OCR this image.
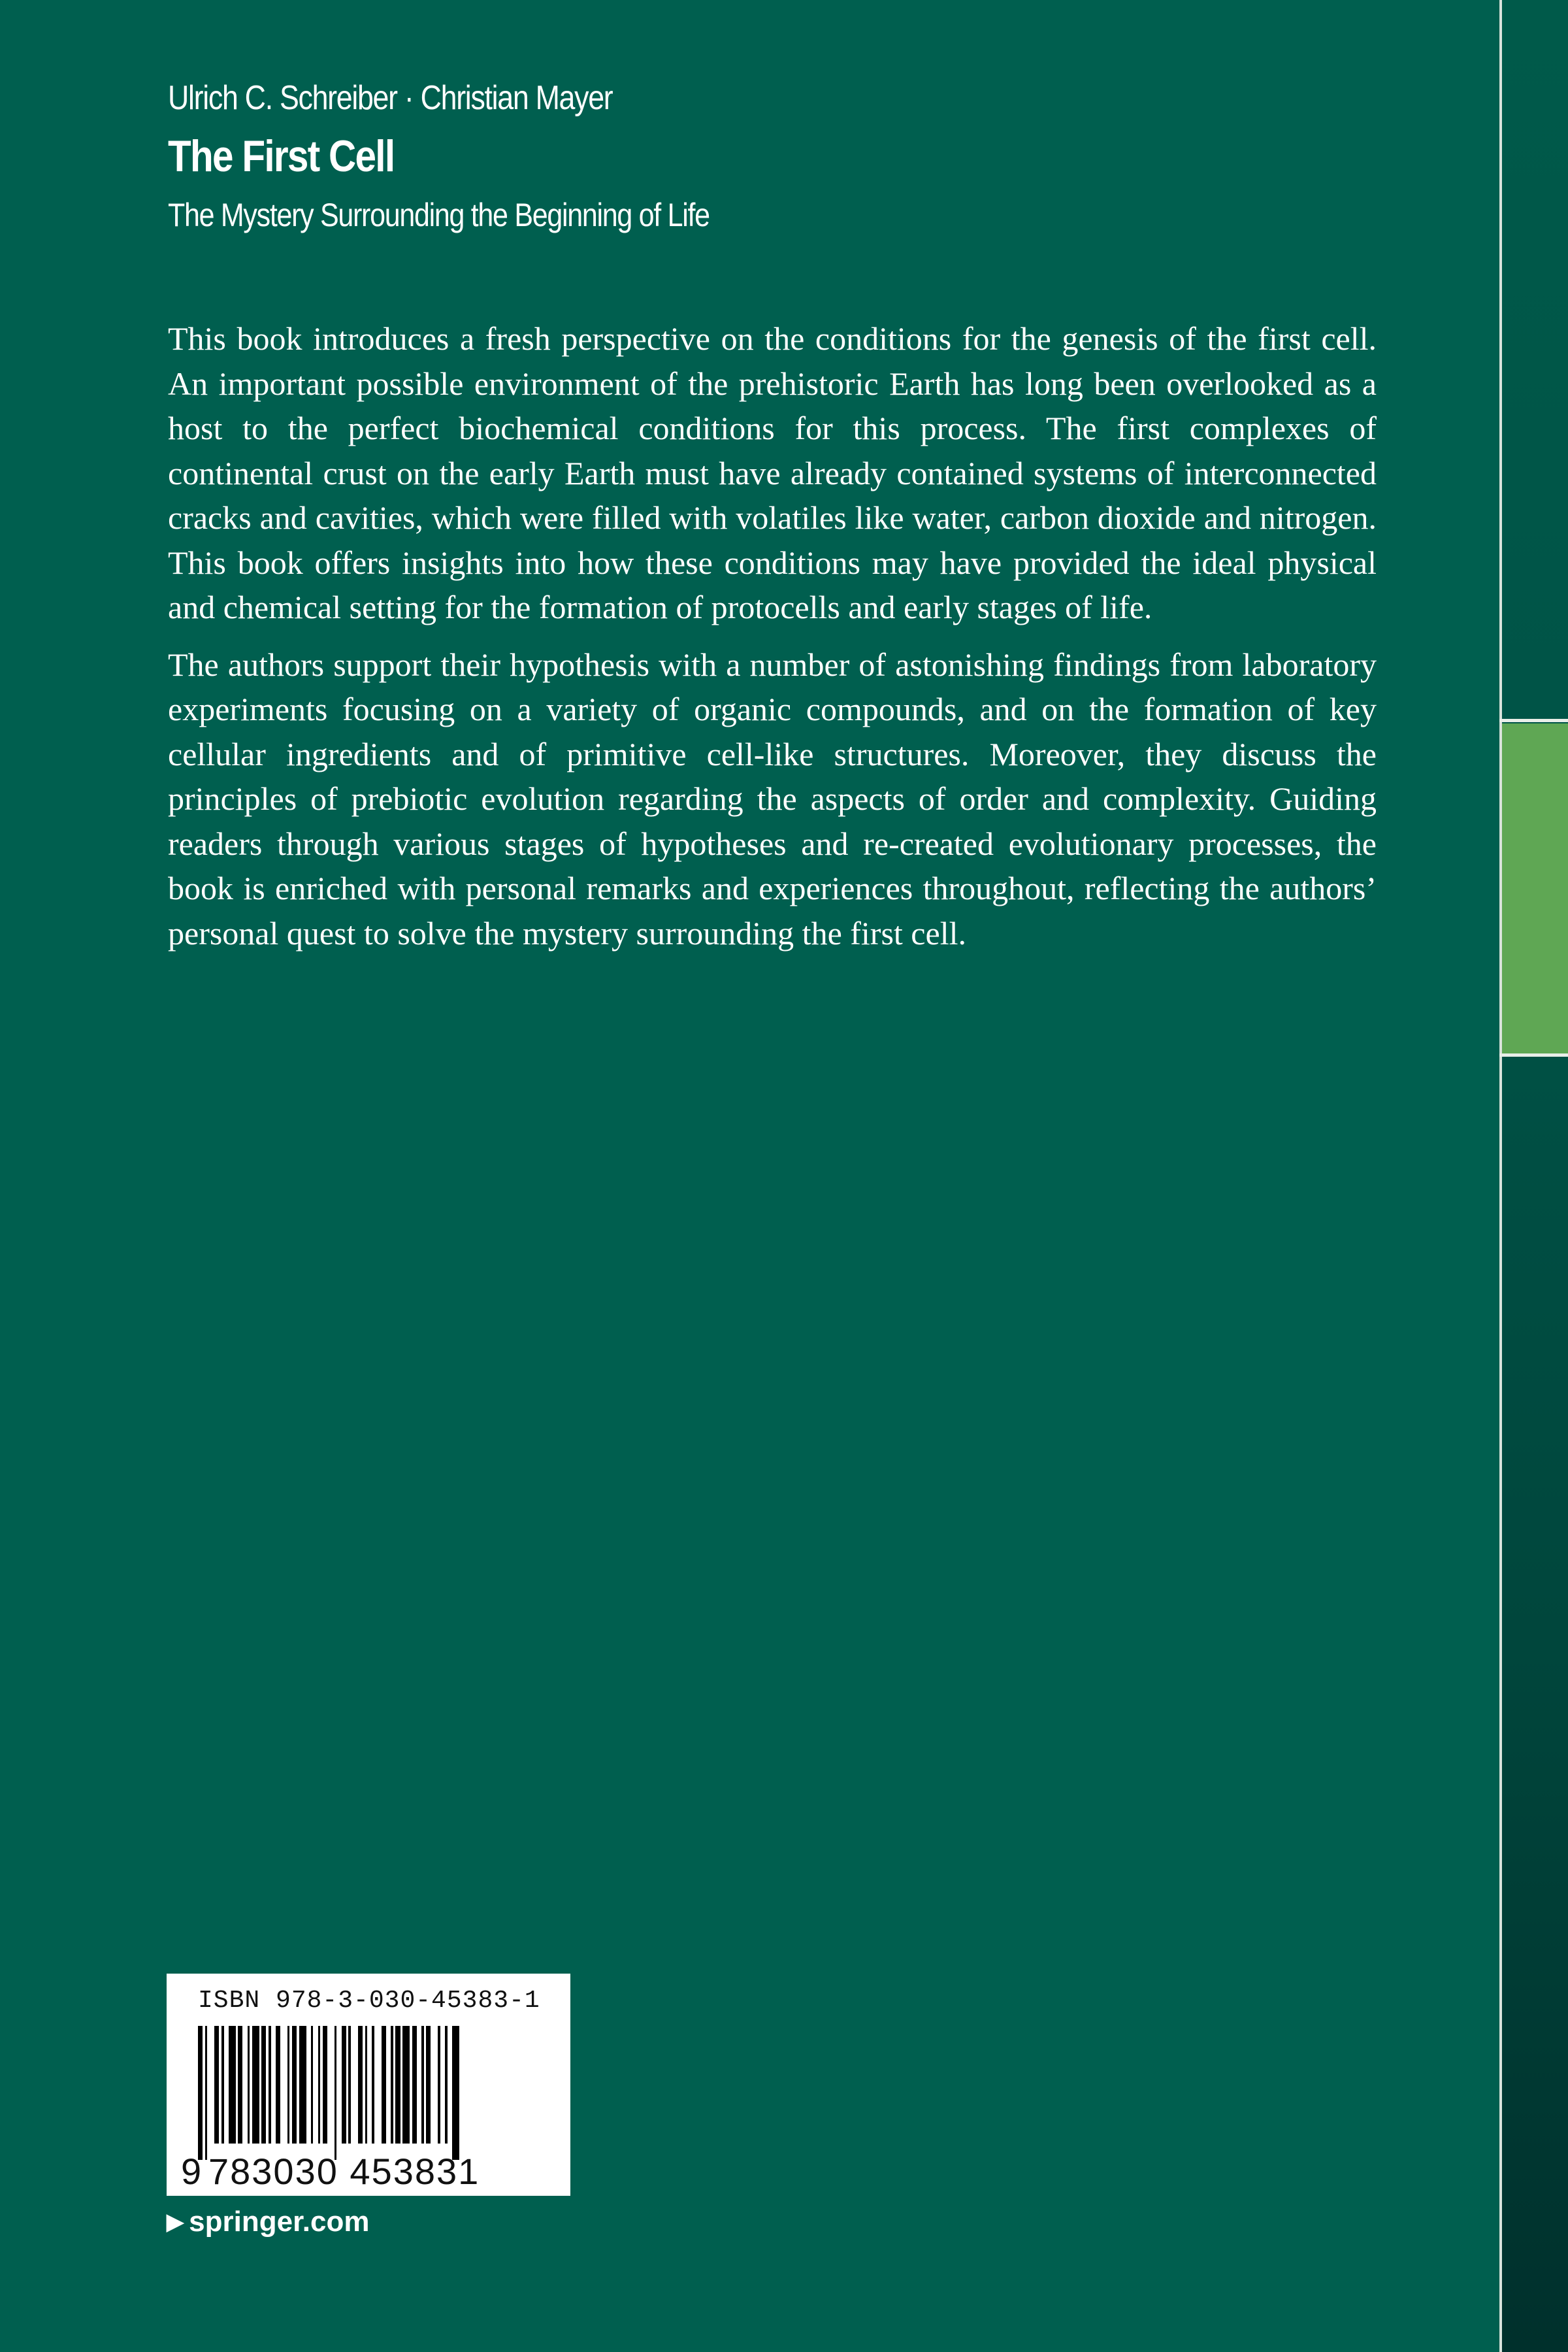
Ulrich C. Schreiber · Christian Mayer
The First Cell
The Mystery Surrounding the Beginning of Life

This book introduces a fresh perspective on the conditions for the genesis of the first cell. An important possible environment of the prehistoric Earth has long been overlooked as a host to the perfect biochemical conditions for this process. The first complexes of continental crust on the early Earth must have already contained systems of interconnected cracks and cavities, which were filled with volatiles like water, carbon dioxide and nitrogen. This book offers insights into how these conditions may have provided the ideal physical and chemical setting for the formation of protocells and early stages of life.

The authors support their hypothesis with a number of astonishing findings from laboratory experiments focusing on a variety of organic compounds, and on the formation of key cellular ingredients and of primitive cell-like structures. Moreover, they discuss the principles of prebiotic evolution regarding the aspects of order and complexity. Guiding readers through various stages of hypotheses and re-created evolutionary processes, the book is enriched with personal remarks and experiences throughout, reflecting the authors’ personal quest to solve the mystery surrounding the first cell.

ISBN 978-3-030-45383-1
9 783030 453831
▶ springer.com
